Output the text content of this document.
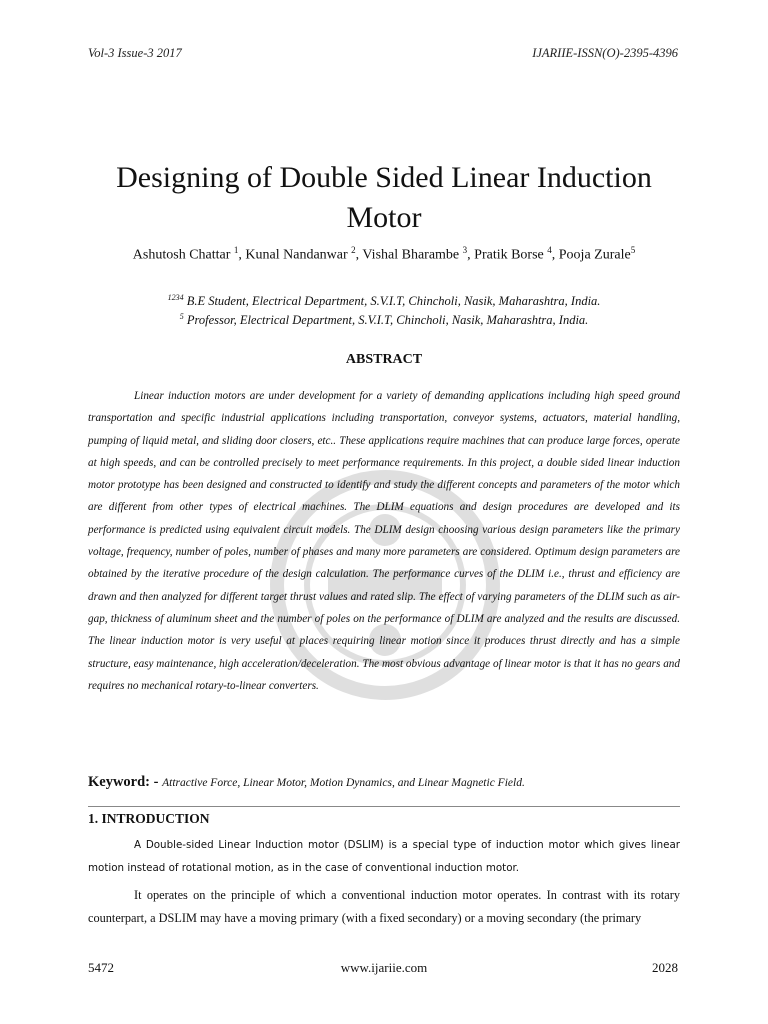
Vol-3 Issue-3 2017	IJARIIE-ISSN(O)-2395-4396
Designing of Double Sided Linear Induction Motor
Ashutosh Chattar $^1$, Kunal Nandanwar $^2$, Vishal Bharambe $^3$, Pratik Borse $^4$, Pooja Zurale$^5$
$^{1234}$ B.E Student, Electrical Department, S.V.I.T, Chincholi, Nasik, Maharashtra, India.
$^5$ Professor, Electrical Department, S.V.I.T, Chincholi, Nasik, Maharashtra, India.
ABSTRACT

Linear induction motors are under development for a variety of demanding applications including high speed ground transportation and specific industrial applications including transportation, conveyor systems, actuators, material handling, pumping of liquid metal, and sliding door closers, etc.. These applications require machines that can produce large forces, operate at high speeds, and can be controlled precisely to meet performance requirements. In this project, a double sided linear induction motor prototype has been designed and constructed to identify and study the different concepts and parameters of the motor which are different from other types of electrical machines. The DLIM equations and design procedures are developed and its performance is predicted using equivalent circuit models. The DLIM design choosing various design parameters like the primary voltage, frequency, number of poles, number of phases and many more parameters are considered. Optimum design parameters are obtained by the iterative procedure of the design calculation. The performance curves of the DLIM i.e., thrust and efficiency are drawn and then analyzed for different target thrust values and rated slip. The effect of varying parameters of the DLIM such as air-gap, thickness of aluminum sheet and the number of poles on the performance of DLIM are analyzed and the results are discussed. The linear induction motor is very useful at places requiring linear motion since it produces thrust directly and has a simple structure, easy maintenance, high acceleration/deceleration. The most obvious advantage of linear motor is that it has no gears and requires no mechanical rotary-to-linear converters.

Keyword: - Attractive Force, Linear Motor, Motion Dynamics, and Linear Magnetic Field.
1. INTRODUCTION

A Double-sided Linear Induction motor (DSLIM) is a special type of induction motor which gives linear motion instead of rotational motion, as in the case of conventional induction motor.

It operates on the principle of which a conventional induction motor operates. In contrast with its rotary counterpart, a DSLIM may have a moving primary (with a fixed secondary) or a moving secondary (the primary

5472	www.ijariie.com	2028
